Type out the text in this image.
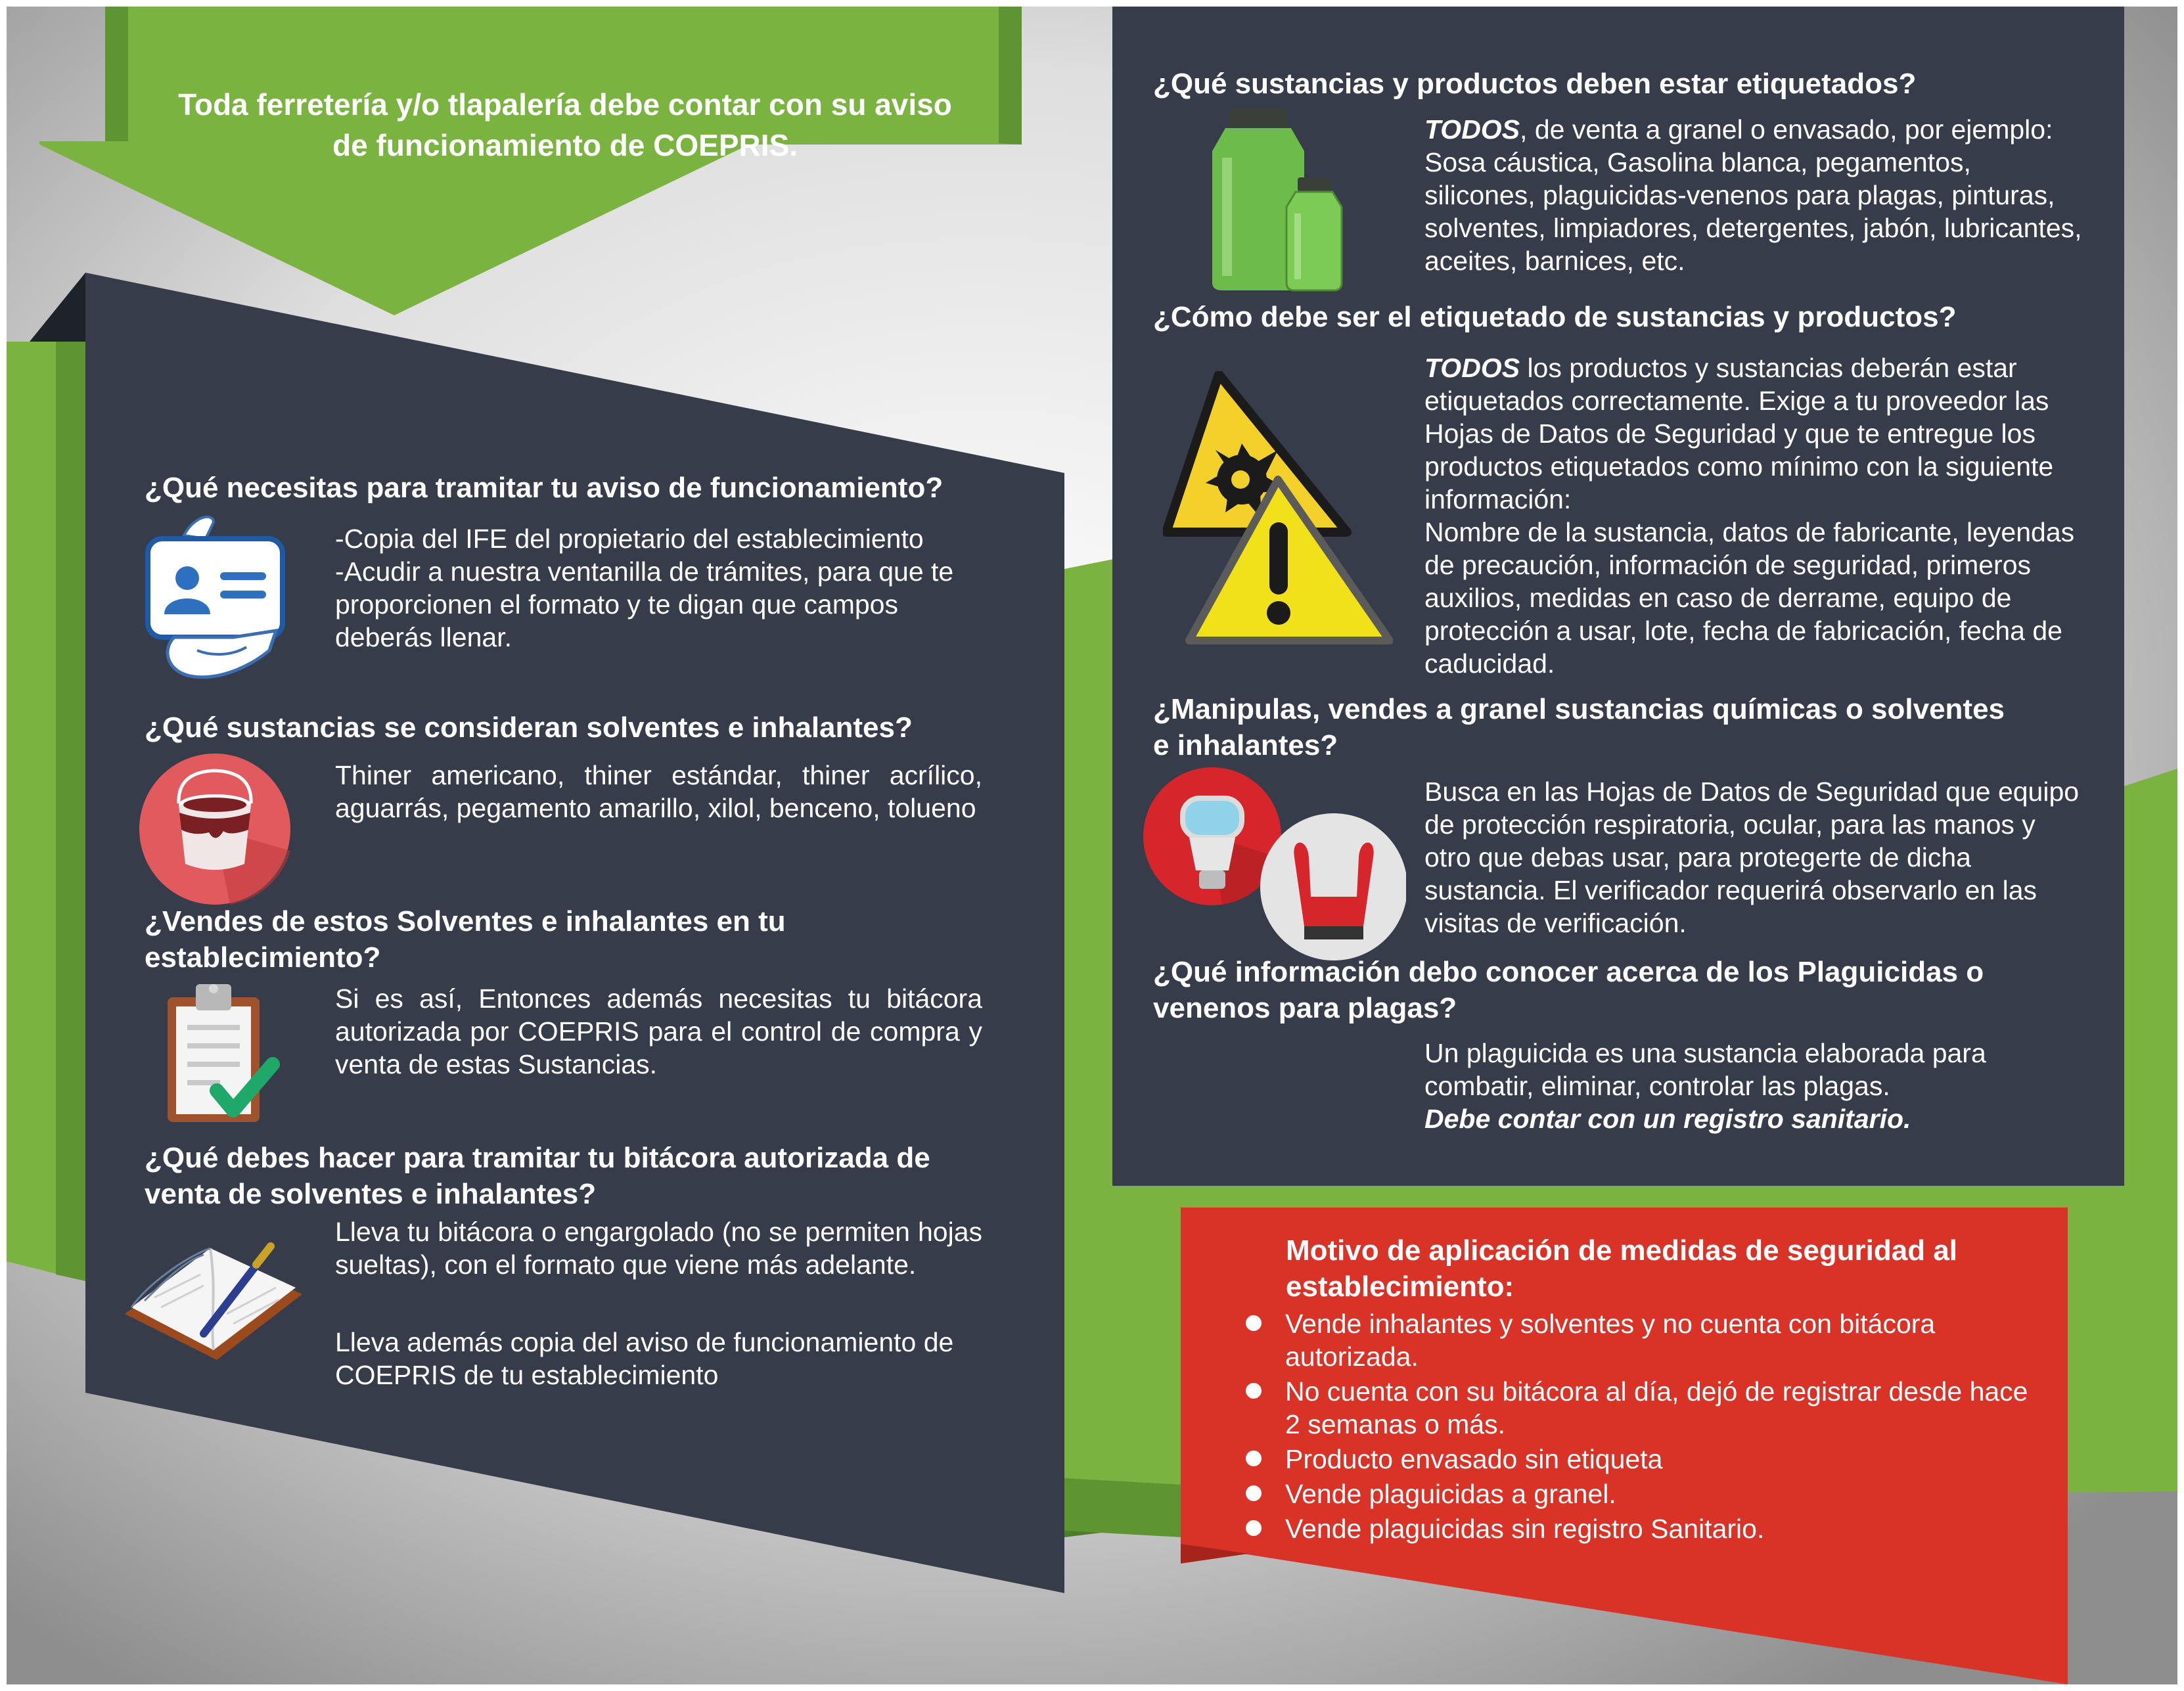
Toda ferretería y/o tlapalería debe contar con su aviso de funcionamiento de COEPRIS.
¿Qué necesitas para tramitar tu aviso de funcionamiento?
-Copia del IFE del propietario del establecimiento
-Acudir a nuestra ventanilla de trámites, para que te proporcionen el formato y te digan que campos deberás llenar.
¿Qué sustancias se consideran solventes e inhalantes?
Thiner americano, thiner estándar, thiner acrílico, aguarrás, pegamento amarillo, xilol, benceno, tolueno
¿Vendes de estos Solventes e inhalantes en tu establecimiento?
Si es así, Entonces además necesitas tu bitácora autorizada por COEPRIS para el control de compra y venta de estas Sustancias.
¿Qué debes hacer para tramitar tu bitácora autorizada de venta de solventes e inhalantes?
Lleva tu bitácora o engargolado (no se permiten hojas sueltas), con el formato que viene más adelante.
Lleva además copia del aviso de funcionamiento de COEPRIS de tu establecimiento
¿Qué sustancias y productos deben estar etiquetados?
TODOS, de venta a granel o envasado, por ejemplo: Sosa cáustica, Gasolina blanca, pegamentos, silicones, plaguicidas-venenos para plagas, pinturas, solventes, limpiadores, detergentes, jabón, lubricantes, aceites, barnices, etc.
¿Cómo debe ser el etiquetado de sustancias y productos?
TODOS los productos y sustancias deberán estar etiquetados correctamente. Exige a tu proveedor las Hojas de Datos de Seguridad y que te entregue los productos etiquetados como mínimo con la siguiente información:
Nombre de la sustancia, datos de fabricante, leyendas de precaución, información de seguridad, primeros auxilios, medidas en caso de derrame, equipo de protección a usar, lote, fecha de fabricación, fecha de caducidad.
¿Manipulas, vendes a granel sustancias químicas o solventes e inhalantes?
Busca en las Hojas de Datos de Seguridad que equipo de protección respiratoria, ocular, para las manos y otro que debas usar, para protegerte de dicha sustancia. El verificador requerirá observarlo en las visitas de verificación.
¿Qué información debo conocer acerca de los Plaguicidas o venenos para plagas?
Un plaguicida es una sustancia elaborada para combatir, eliminar, controlar las plagas.
Debe contar con un registro sanitario.
Motivo de aplicación de medidas de seguridad al establecimiento:
Vende inhalantes y solventes y no cuenta con bitácora autorizada.
No cuenta con su bitácora al día, dejó de registrar desde hace 2 semanas o más.
Producto envasado sin etiqueta
Vende plaguicidas a granel.
Vende plaguicidas sin registro Sanitario.
